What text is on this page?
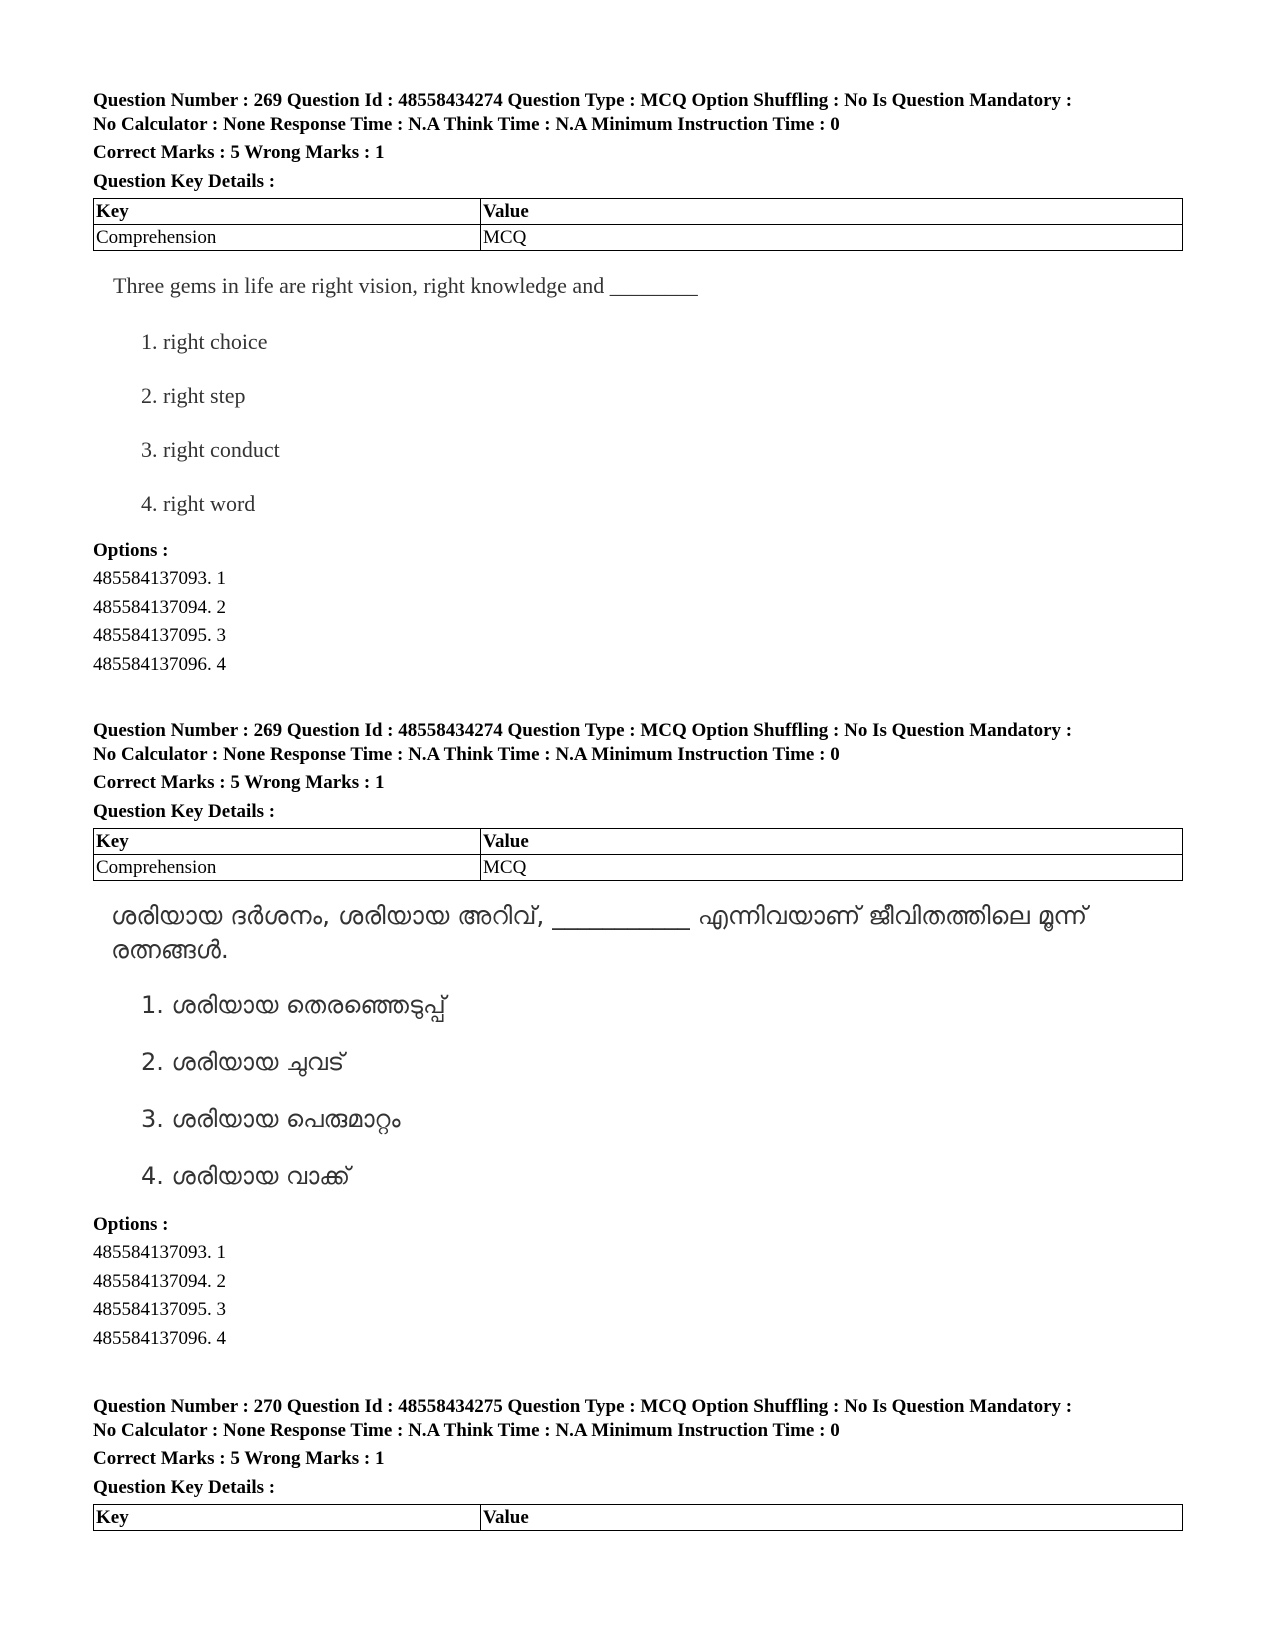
Question Number : 269 Question Id : 48558434274 Question Type : MCQ Option Shuffling : No Is Question Mandatory :
No Calculator : None Response Time : N.A Think Time : N.A Minimum Instruction Time : 0
Correct Marks : 5 Wrong Marks : 1
Question Key Details :
Key	Value
Comprehension	MCQ
Three gems in life are right vision, right knowledge and ________
1. right choice
2. right step
3. right conduct
4. right word
Options :
485584137093. 1
485584137094. 2
485584137095. 3
485584137096. 4
Question Number : 269 Question Id : 48558434274 Question Type : MCQ Option Shuffling : No Is Question Mandatory :
No Calculator : None Response Time : N.A Think Time : N.A Minimum Instruction Time : 0
Correct Marks : 5 Wrong Marks : 1
Question Key Details :
Key	Value
Comprehension	MCQ
ശരിയായ ദർശനം, ശരിയായ അറിവ്, ___________ എന്നിവയാണ് ജീവിതത്തിലെ മൂന്ന് രത്നങ്ങൾ.
1. ശരിയായ തെരഞ്ഞെടുപ്പ്
2. ശരിയായ ചുവട്
3. ശരിയായ പെരുമാറ്റം
4. ശരിയായ വാക്ക്
Options :
485584137093. 1
485584137094. 2
485584137095. 3
485584137096. 4
Question Number : 270 Question Id : 48558434275 Question Type : MCQ Option Shuffling : No Is Question Mandatory :
No Calculator : None Response Time : N.A Think Time : N.A Minimum Instruction Time : 0
Correct Marks : 5 Wrong Marks : 1
Question Key Details :
Key	Value
